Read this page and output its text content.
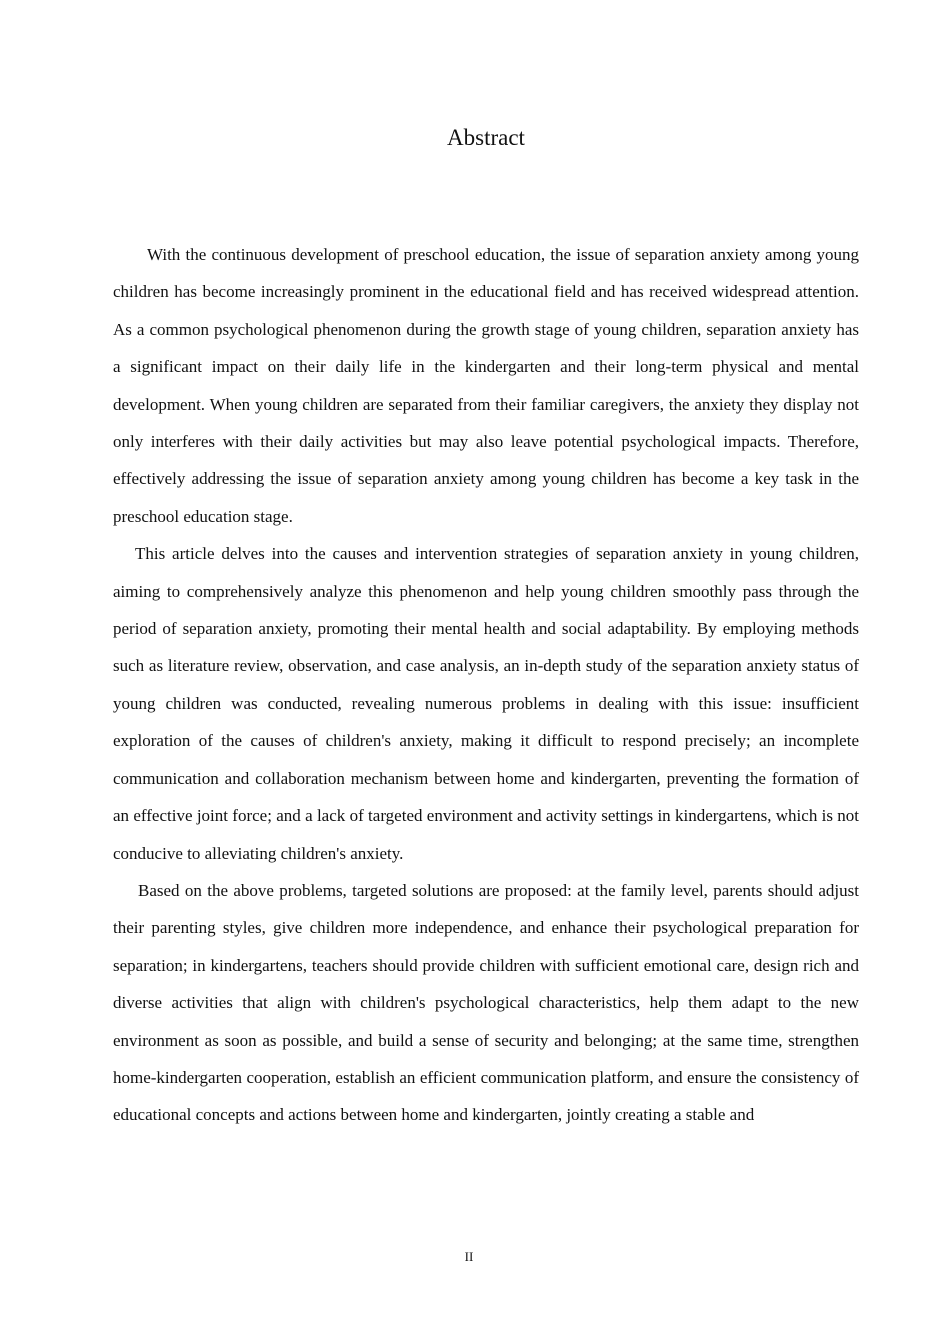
Abstract

With the continuous development of preschool education, the issue of separation anxiety among young children has become increasingly prominent in the educational field and has received widespread attention. As a common psychological phenomenon during the growth stage of young children, separation anxiety has a significant impact on their daily life in the kindergarten and their long-term physical and mental development. When young children are separated from their familiar caregivers, the anxiety they display not only interferes with their daily activities but may also leave potential psychological impacts. Therefore, effectively addressing the issue of separation anxiety among young children has become a key task in the preschool education stage.

This article delves into the causes and intervention strategies of separation anxiety in young children, aiming to comprehensively analyze this phenomenon and help young children smoothly pass through the period of separation anxiety, promoting their mental health and social adaptability. By employing methods such as literature review, observation, and case analysis, an in-depth study of the separation anxiety status of young children was conducted, revealing numerous problems in dealing with this issue: insufficient exploration of the causes of children's anxiety, making it difficult to respond precisely; an incomplete communication and collaboration mechanism between home and kindergarten, preventing the formation of an effective joint force; and a lack of targeted environment and activity settings in kindergartens, which is not conducive to alleviating children's anxiety.

Based on the above problems, targeted solutions are proposed: at the family level, parents should adjust their parenting styles, give children more independence, and enhance their psychological preparation for separation; in kindergartens, teachers should provide children with sufficient emotional care, design rich and diverse activities that align with children's psychological characteristics, help them adapt to the new environment as soon as possible, and build a sense of security and belonging; at the same time, strengthen home-kindergarten cooperation, establish an efficient communication platform, and ensure the consistency of educational concepts and actions between home and kindergarten, jointly creating a stable and

II
